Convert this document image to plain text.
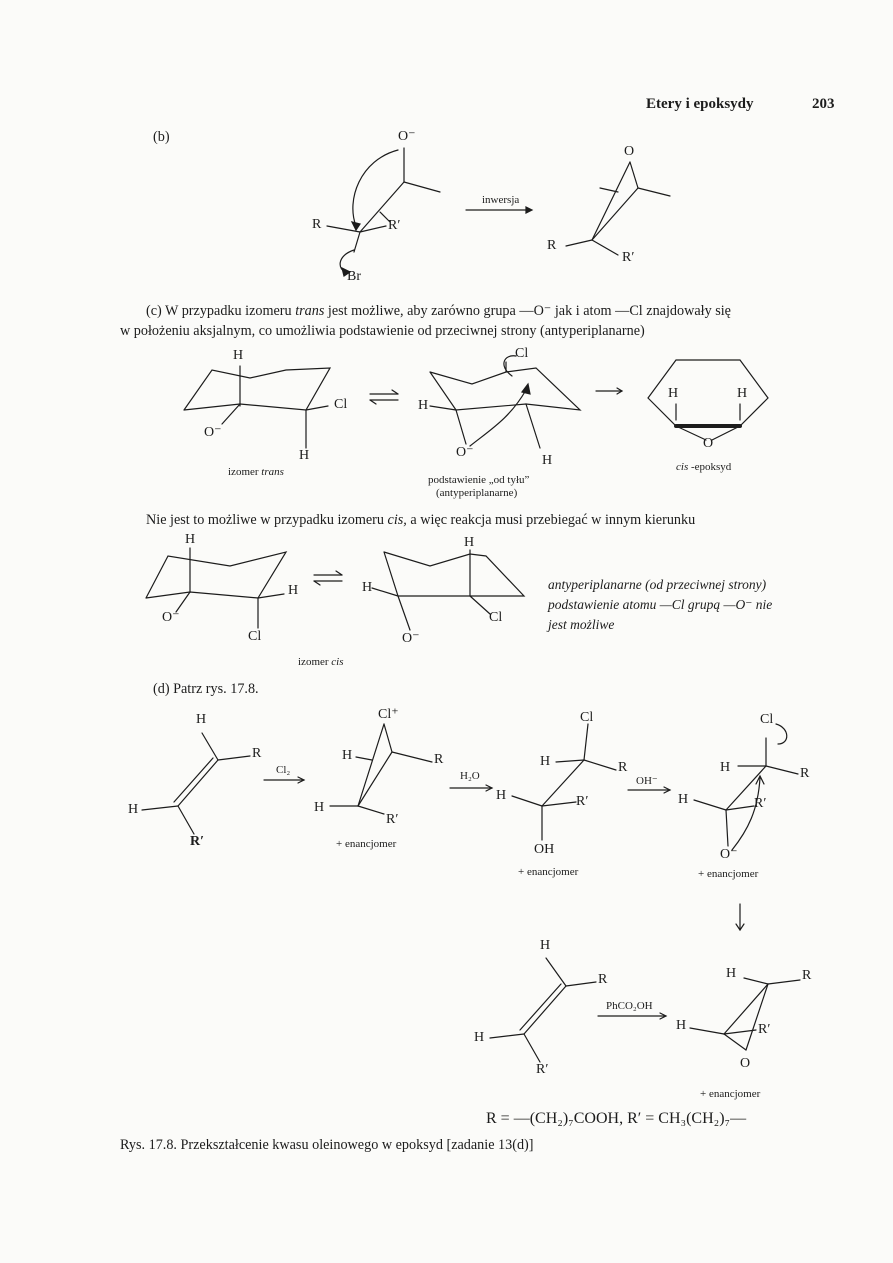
Etery i epoksydy	203
(b)	O⁻
R	R′
Br
inwersja
O
R
R′
(c) W przypadku izomeru trans jest możliwe, aby zarówno grupa —O⁻ jak i atom —Cl znajdowały się
w położeniu aksjalnym, co umożliwia podstawienie od przeciwnej strony (antyperiplanarne)
H
Cl
O⁻
H
izomer trans
Cl
H
H
O⁻
podstawienie „od tyłu”
(antyperiplanarne)
H	H
O
cis -epoksyd
Nie jest to możliwe w przypadku izomeru cis, a więc reakcja musi przebiegać w innym kierunku
H
H
O⁻
Cl
H
H
Cl
O⁻
antyperiplanarne (od przeciwnej strony)
podstawienie atomu —Cl grupą —O⁻ nie
jest możliwe
izomer cis
(d) Patrz rys. 17.8.
H
R
H
R′
Cl₂
Cl⁺
H	R
H
R′
+ enancjomer
H₂O
Cl
H	R
H	R′
OH
+ enancjomer
OH⁻
Cl
H	R
H	R′
O⁻
+ enancjomer
H
R
H
R′
PhCO₂OH
H	R
H	R′
O
+ enancjomer
R = —(CH₂)₇COOH, R′ = CH₃(CH₂)₇—
Rys. 17.8. Przekształcenie kwasu oleinowego w epoksyd [zadanie 13(d)]
